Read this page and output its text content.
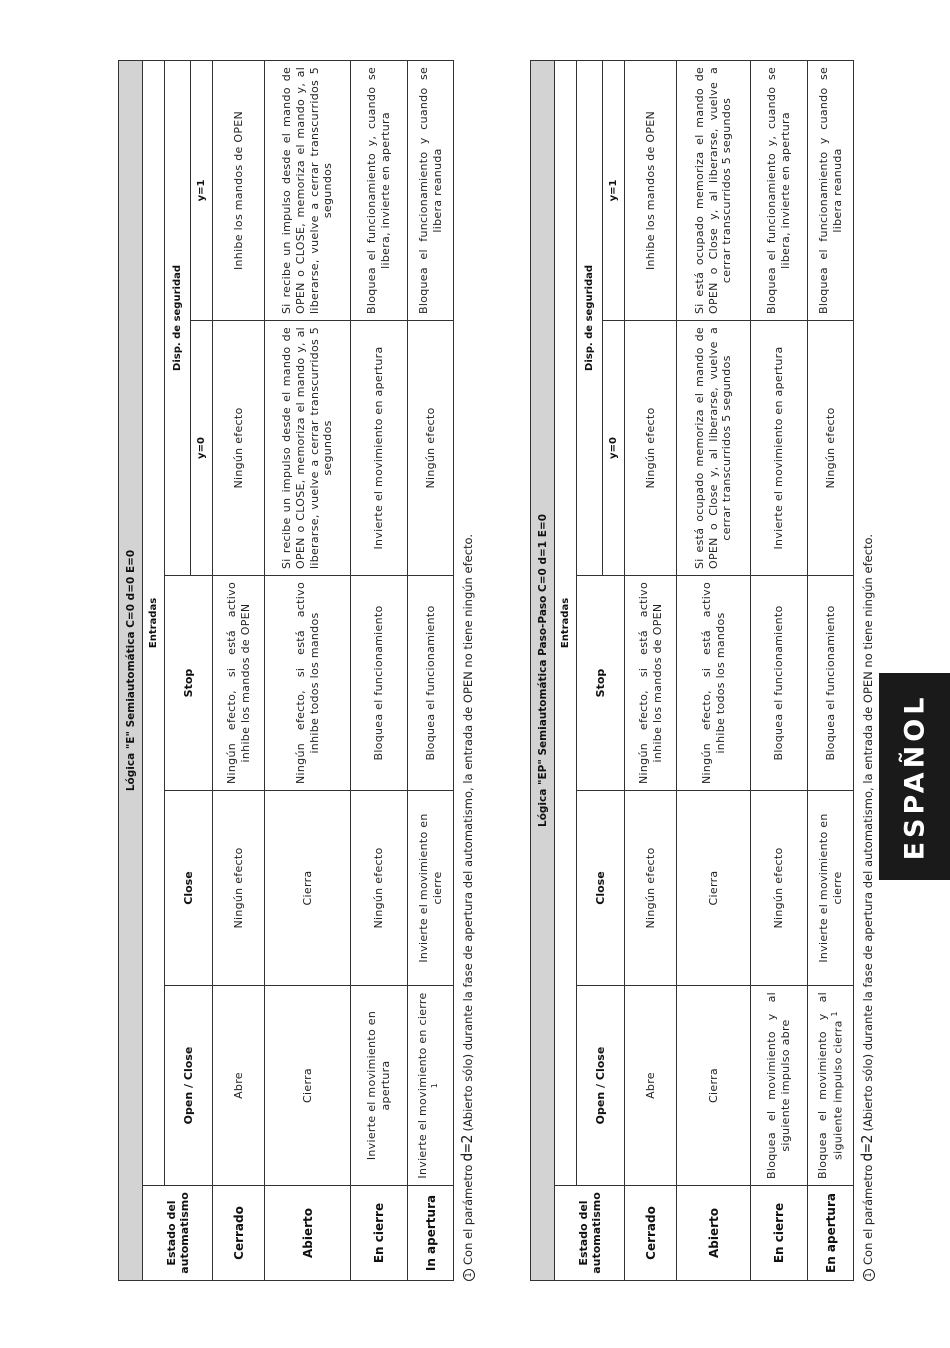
ESPAÑOL
Lógica "E" Semiautomática C=0 d=0 E=0					
Estado del automatismo	Entradas				
	Open / Close	Close	Stop	Disp. de seguridad	
				y=0	y=1
Cerrado	Abre	Ningún efecto	Ningún efecto, si está activo inhibe los mandos de OPEN	Ningún efecto	Inhibe los mandos de OPEN
Abierto	Cierra	Cierra	Ningún efecto, si está activo inhibe todos los mandos	Si recibe un impulso desde el mando de OPEN o CLOSE, memoriza el mando y, al liberarse, vuelve a cerrar transcurridos 5 segundos	Si recibe un impulso desde el mando de OPEN o CLOSE, memoriza el mando y, al liberarse, vuelve a cerrar transcurridos 5 segundos
En cierre	Invierte el movimiento en apertura	Ningún efecto	Bloquea el funcionamiento	Invierte el movimiento en apertura	Bloquea el funcionamiento y, cuando se libera, invierte en apertura
In apertura	Invierte el movimiento en cierre $^1$	Invierte el movimiento en cierre	Bloquea el funcionamiento	Ningún efecto	Bloquea el funcionamiento y cuando se libera reanuda
1Con el parámetrod=2(Abierto sólo) durante la fase de apertura del automatismo, la entrada de OPEN no tiene ningún efecto.	Lógica "EP" Semiautomática Paso-Paso C=0 d=1 E=0					
Estado del automatismo	Entradas				
	Open / Close	Close	Stop	Disp. de seguridad	
				y=0	y=1
Cerrado	Abre	Ningún efecto	Ningún efecto, si está activo inhibe los mandos de OPEN	Ningún efecto	Inhibe los mandos de OPEN
Abierto	Cierra	Cierra	Ningún efecto, si está activo inhibe todos los mandos	Si está ocupado memoriza el mando de OPEN o Close y, al liberarse, vuelve a cerrar transcurridos 5 segundos	Si está ocupado memoriza el mando de OPEN o Close y, al liberarse, vuelve a cerrar transcurridos 5 segundos
En cierre	Bloquea el movimiento y al siguiente impulso abre	Ningún efecto	Bloquea el funcionamiento	Invierte el movimiento en apertura	Bloquea el funcionamiento y, cuando se libera, invierte en apertura
En apertura	Bloquea el movimiento y al siguiente impulso cierra $^1$	Invierte el movimiento en cierre	Bloquea el funcionamiento	Ningún efecto	Bloquea el funcionamiento y cuando se libera reanuda
1Con el parámetrod=2(Abierto sólo) durante la fase de apertura del automatismo, la entrada de OPEN no tiene ningún efecto.
